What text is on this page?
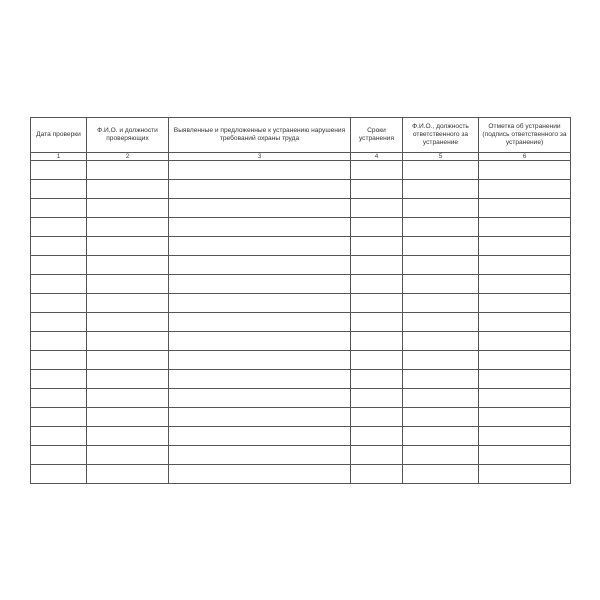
Дата проверки	Ф.И.О. и должности проверяющих	Выявленные и предложенные к устранению нарушения требований охраны труда	Сроки устранения	Ф.И.О., должность ответственного за устранение	Отметка об устранении (подпись ответственного за устранение)
1	2	3	4	5	6
